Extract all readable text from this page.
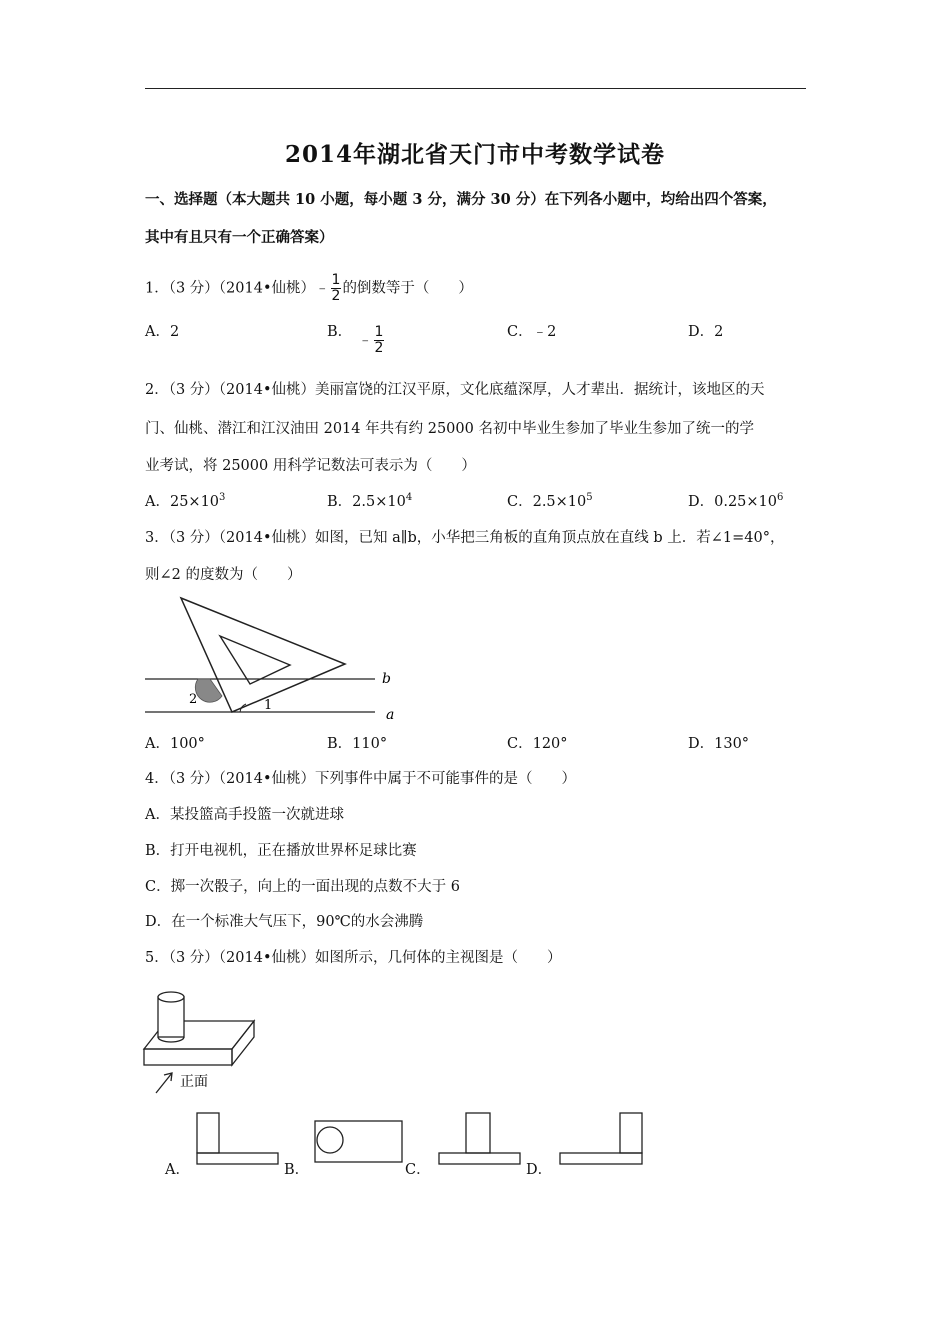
2014年湖北省天门市中考数学试卷
一、选择题（本大题共 10 小题，每小题 3 分，满分 30 分）在下列各小题中，均给出四个答案，
其中有且只有一个正确答案）
1．（3 分）（2014•仙桃）﹣ $\frac{1}{2}$ 的倒数等于（　　）
A．2	B．
﹣ $\frac{1}{2}$	C．﹣2	D．2
2．（3 分）（2014•仙桃）美丽富饶的江汉平原，文化底蕴深厚，人才辈出．据统计，该地区的天
门、仙桃、潜江和江汉油田 2014 年共有约 25000 名初中毕业生参加了毕业生参加了统一的学
业考试，将 25000 用科学记数法可表示为（　　）
A．$25\times 10^3$	B．$2.5\times 10^4$	C．$2.5\times 10^5$	D．$0.25\times 10^6$
3．（3 分）（2014•仙桃）如图，已知 a∥b，小华把三角板的直角顶点放在直线 b 上．若∠1=40°，
则∠2 的度数为（　　）
b
a
2	1
A．100°	B．110°	C．120°	D．130°
4．（3 分）（2014•仙桃）下列事件中属于不可能事件的是（　　）
A．某投篮高手投篮一次就进球
B．打开电视机，正在播放世界杯足球比赛
C．掷一次骰子，向上的一面出现的点数不大于 6
D．在一个标准大气压下，90℃的水会沸腾
5．（3 分）（2014•仙桃）如图所示，几何体的主视图是（　　）
正面
A．	B．	C．	D．
